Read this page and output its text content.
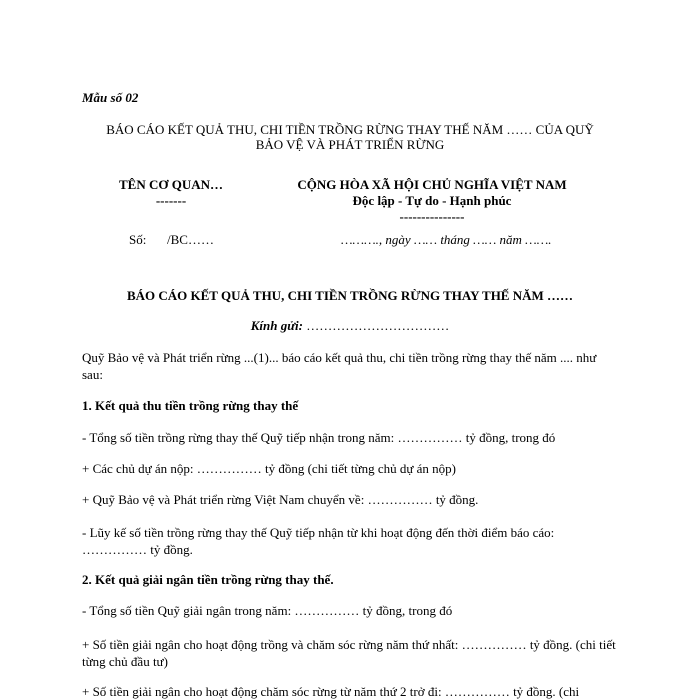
Mẫu số 02
BÁO CÁO KẾT QUẢ THU, CHI TIỀN TRỒNG RỪNG THAY THẾ NĂM …… CỦA QUỸ
BẢO VỆ VÀ PHÁT TRIỂN RỪNG
TÊN CƠ QUAN…
-------
CỘNG HÒA XÃ HỘI CHỦ NGHĨA VIỆT NAM
Độc lập - Tự do - Hạnh phúc
---------------
Số: /BC……	………., ngày …… tháng …… năm …….
BÁO CÁO KẾT QUẢ THU, CHI TIỀN TRỒNG RỪNG THAY THẾ NĂM ……
Kính gửi: ……………………………
Quỹ Bảo vệ và Phát triển rừng ...(1)... báo cáo kết quả thu, chi tiền trồng rừng thay thế năm .... như sau:
1. Kết quả thu tiền trồng rừng thay thế
- Tổng số tiền trồng rừng thay thế Quỹ tiếp nhận trong năm: …………… tỷ đồng, trong đó
+ Các chủ dự án nộp: …………… tỷ đồng (chi tiết từng chủ dự án nộp)
+ Quỹ Bảo vệ và Phát triển rừng Việt Nam chuyển về: …………… tỷ đồng.
- Lũy kế số tiền trồng rừng thay thế Quỹ tiếp nhận từ khi hoạt động đến thời điểm báo cáo: …………… tỷ đồng.
2. Kết quả giải ngân tiền trồng rừng thay thế.
- Tổng số tiền Quỹ giải ngân trong năm: …………… tỷ đồng, trong đó
+ Số tiền giải ngân cho hoạt động trồng và chăm sóc rừng năm thứ nhất: …………… tỷ đồng. (chi tiết từng chủ đầu tư)
+ Số tiền giải ngân cho hoạt động chăm sóc rừng từ năm thứ 2 trở đi: …………… tỷ đồng. (chi
